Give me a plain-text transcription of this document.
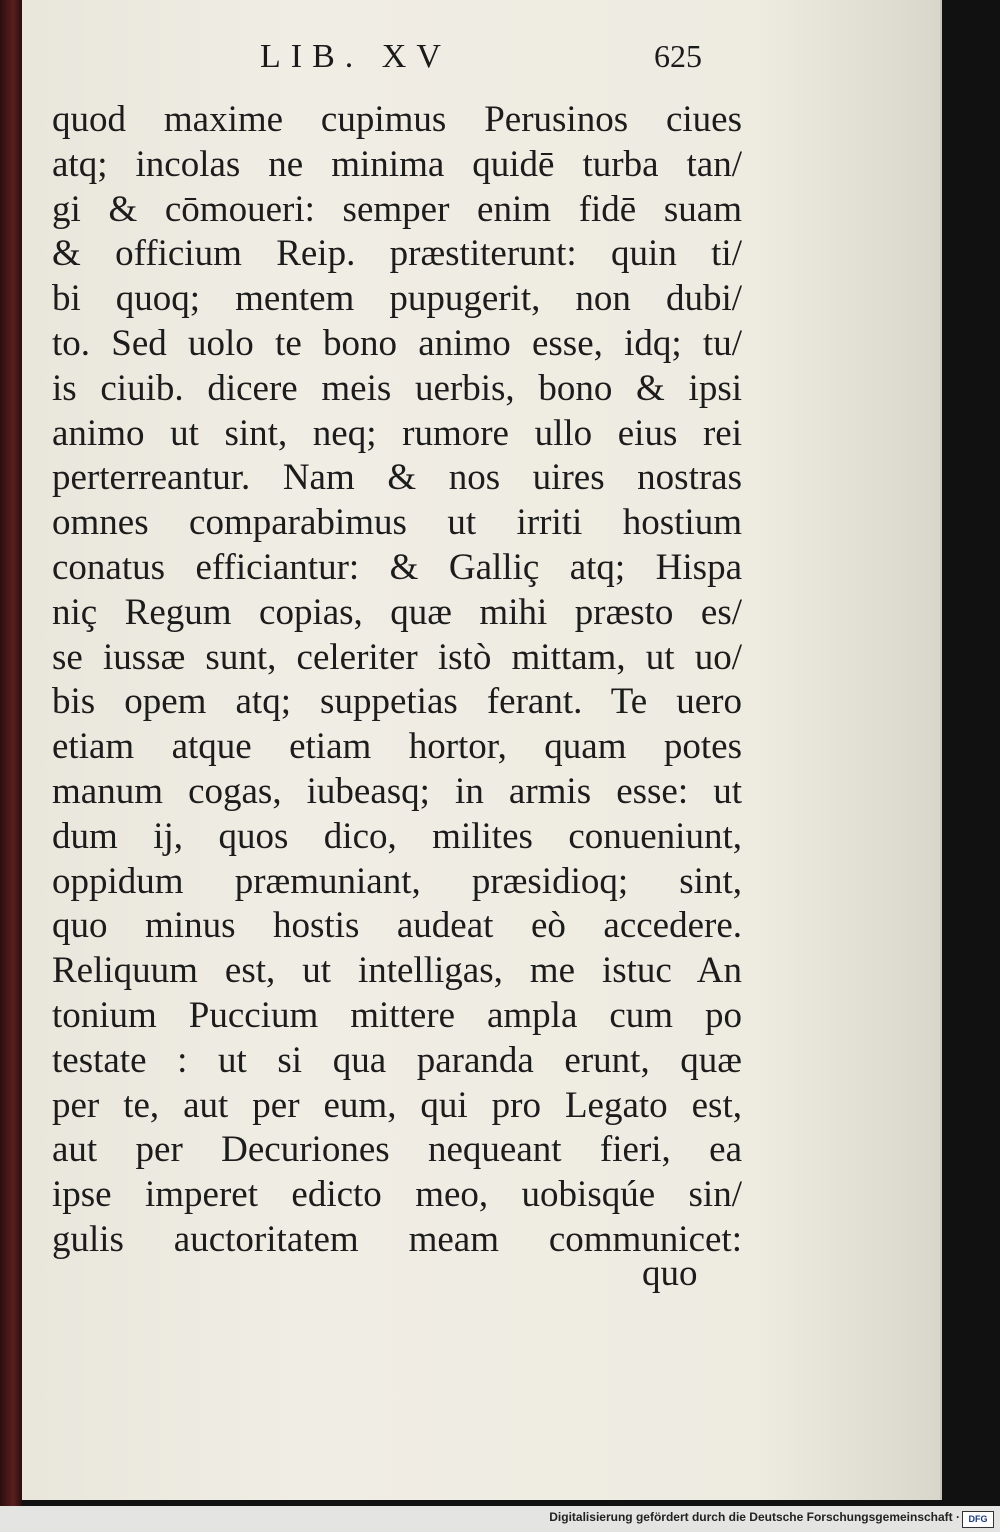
LIB. XV	625
quod maxime cupimus Perusinos ciues
atq; incolas ne minima quidē turba tan/
gi & cōmoueri: semper enim fidē suam
& officium Reip. præstiterunt: quin ti/
bi quoq; mentem pupugerit, non dubi/
to. Sed uolo te bono animo esse, idq; tu/
is ciuib. dicere meis uerbis, bono & ipsi
animo ut sint, neq; rumore ullo eius rei
perterreantur. Nam & nos uires nostras
omnes comparabimus ut irriti hostium
conatus efficiantur: & Galliç atq; Hispa
niç Regum copias, quæ mihi præsto es/
se iussæ sunt, celeriter istò mittam, ut uo/
bis opem atq; suppetias ferant. Te uero
etiam atque etiam hortor, quam potes
manum cogas, iubeasq; in armis esse: ut
dum ij, quos dico, milites conueniunt,
oppidum præmuniant, præsidioq; sint,
quo minus hostis audeat eò accedere.
Reliquum est, ut intelligas, me istuc An
tonium Puccium mittere ampla cum po
testate : ut si qua paranda erunt, quæ
per te, aut per eum, qui pro Legato est,
aut per Decuriones nequeant fieri, ea
ipse imperet edicto meo, uobisqúe sin/
gulis auctoritatem meam communicet:
quo
Digitalisierung gefördert durch die Deutsche Forschungsgemeinschaft · DFG
